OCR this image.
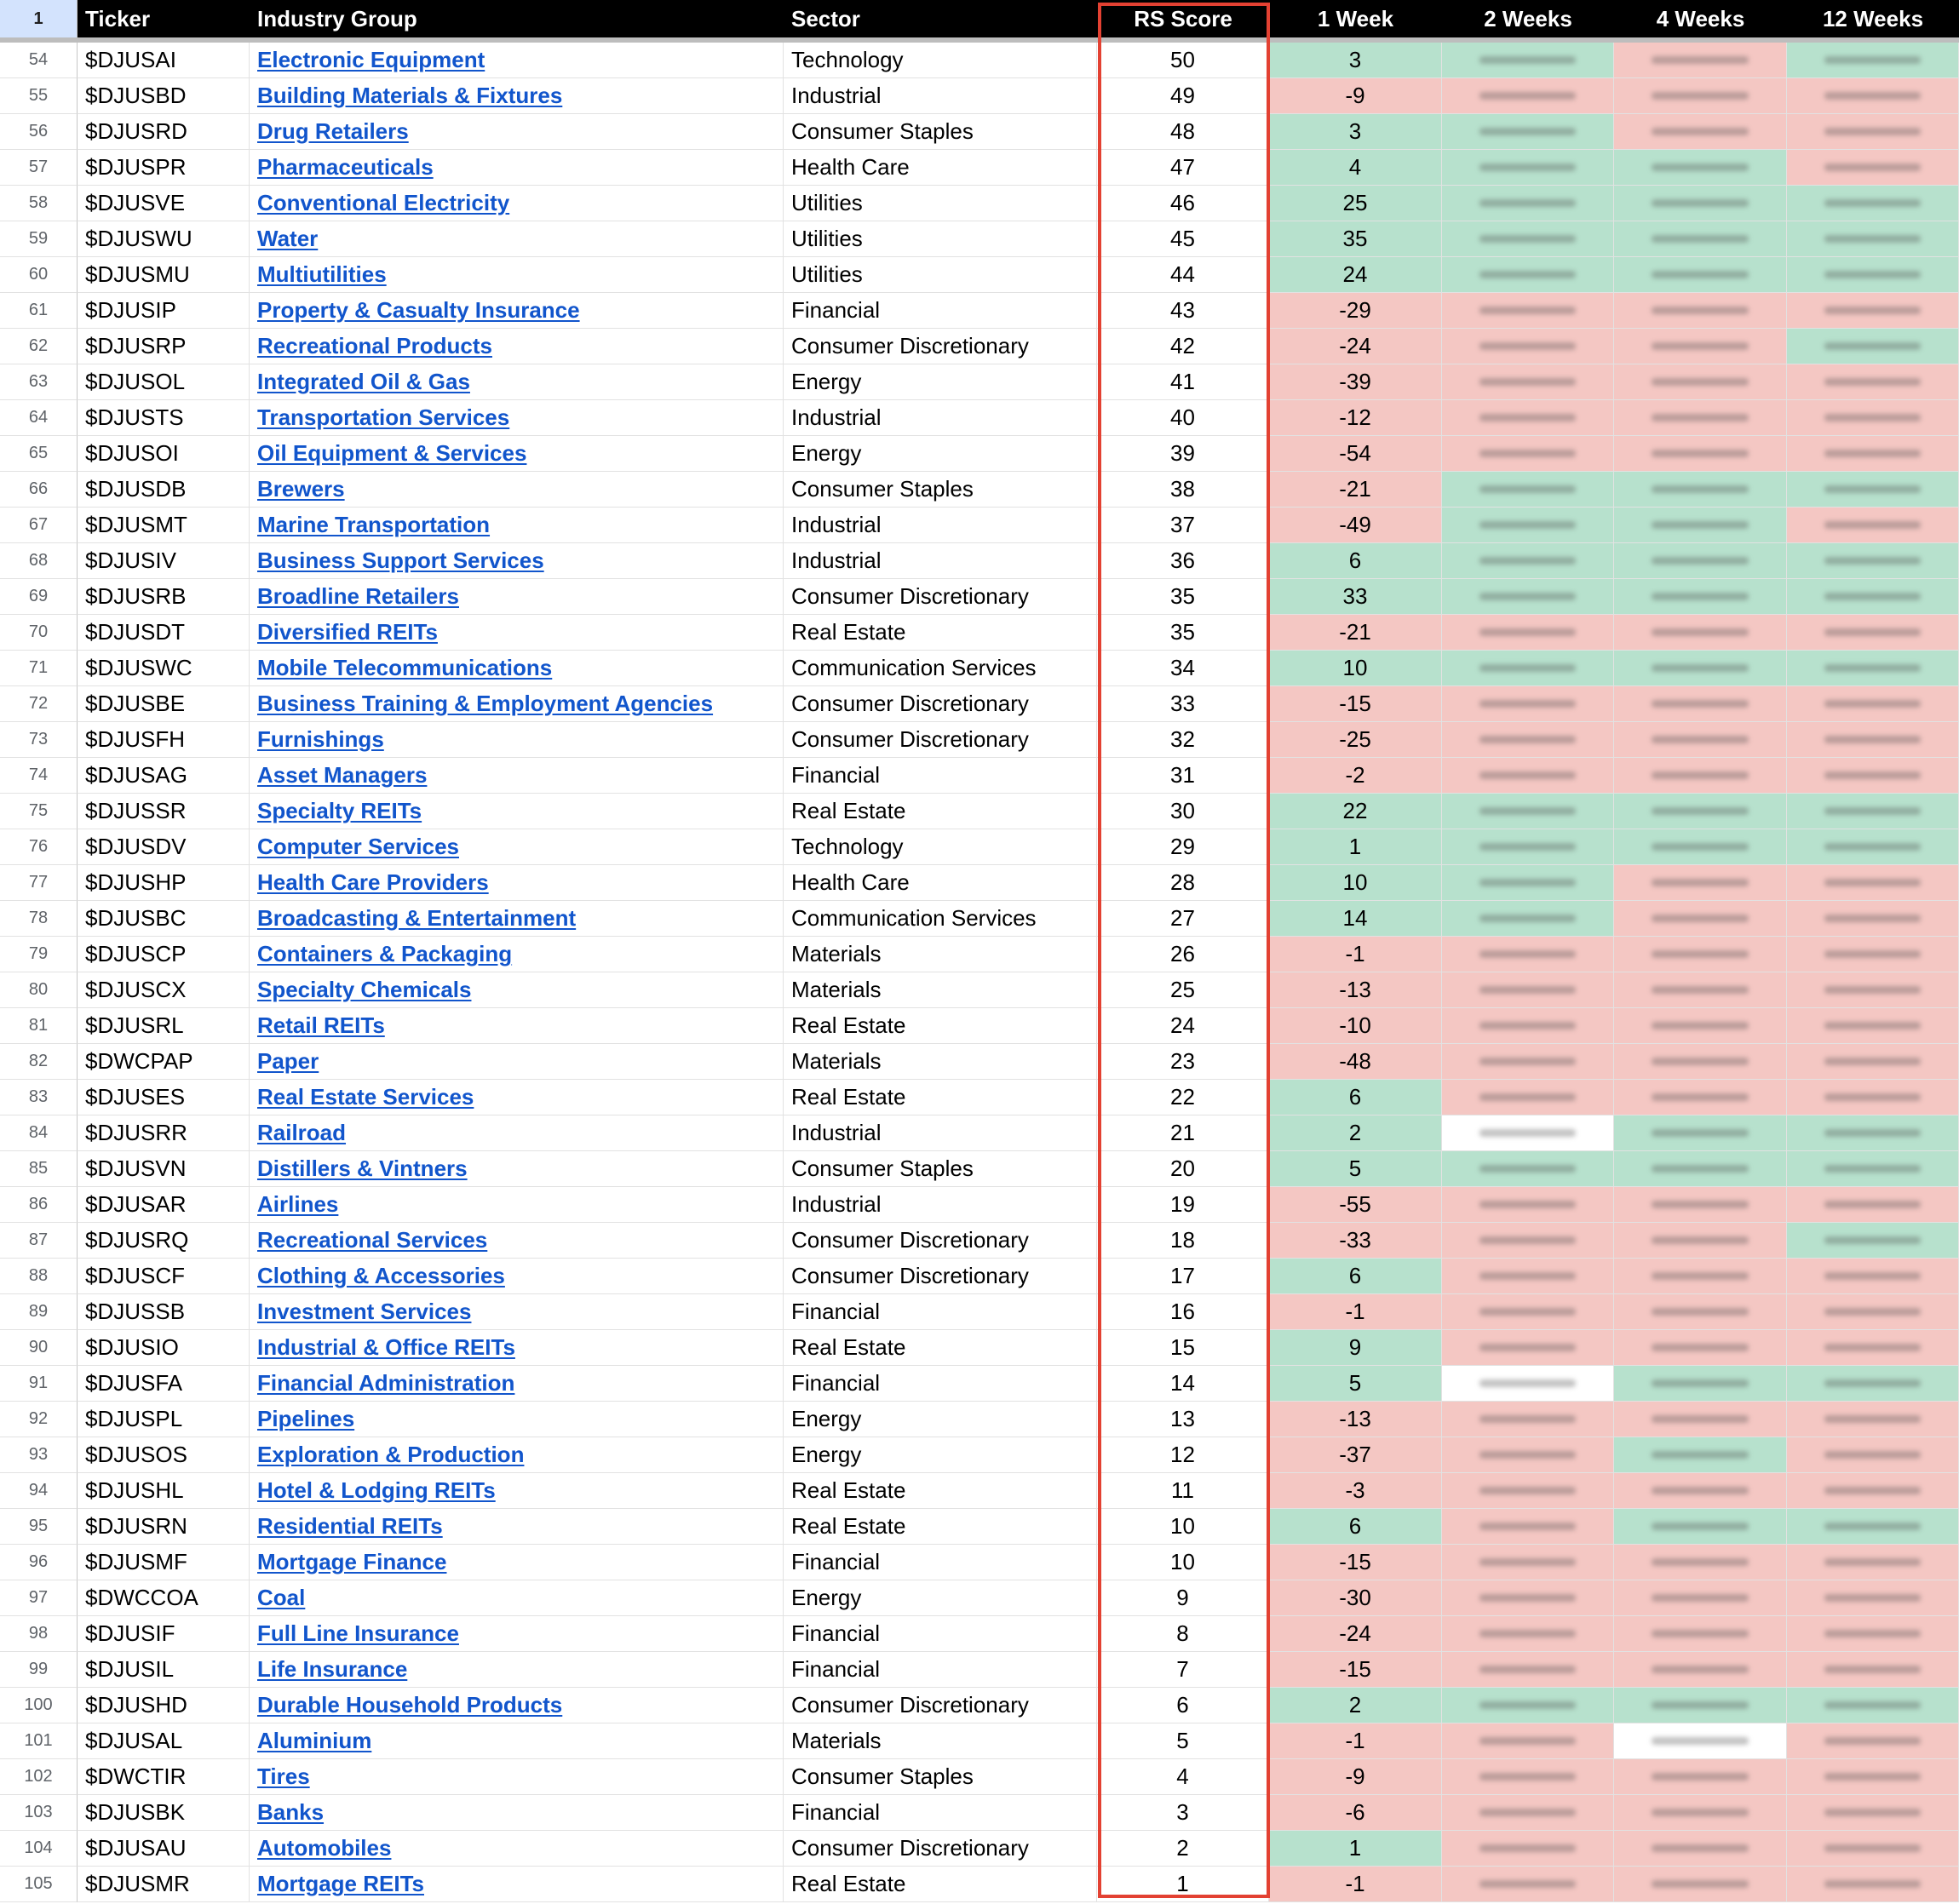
1	Ticker	Industry Group	Sector	RS Score	1 Week	2 Weeks	4 Weeks	12 Weeks
54	$DJUSAI	Electronic Equipment	Technology	50	3
55	$DJUSBD	Building Materials & Fixtures	Industrial	49	-9
56	$DJUSRD	Drug Retailers	Consumer Staples	48	3
57	$DJUSPR	Pharmaceuticals	Health Care	47	4
58	$DJUSVE	Conventional Electricity	Utilities	46	25
59	$DJUSWU	Water	Utilities	45	35
60	$DJUSMU	Multiutilities	Utilities	44	24
61	$DJUSIP	Property & Casualty Insurance	Financial	43	-29
62	$DJUSRP	Recreational Products	Consumer Discretionary	42	-24
63	$DJUSOL	Integrated Oil & Gas	Energy	41	-39
64	$DJUSTS	Transportation Services	Industrial	40	-12
65	$DJUSOI	Oil Equipment & Services	Energy	39	-54
66	$DJUSDB	Brewers	Consumer Staples	38	-21
67	$DJUSMT	Marine Transportation	Industrial	37	-49
68	$DJUSIV	Business Support Services	Industrial	36	6
69	$DJUSRB	Broadline Retailers	Consumer Discretionary	35	33
70	$DJUSDT	Diversified REITs	Real Estate	35	-21
71	$DJUSWC	Mobile Telecommunications	Communication Services	34	10
72	$DJUSBE	Business Training & Employment Agencies	Consumer Discretionary	33	-15
73	$DJUSFH	Furnishings	Consumer Discretionary	32	-25
74	$DJUSAG	Asset Managers	Financial	31	-2
75	$DJUSSR	Specialty REITs	Real Estate	30	22
76	$DJUSDV	Computer Services	Technology	29	1
77	$DJUSHP	Health Care Providers	Health Care	28	10
78	$DJUSBC	Broadcasting & Entertainment	Communication Services	27	14
79	$DJUSCP	Containers & Packaging	Materials	26	-1
80	$DJUSCX	Specialty Chemicals	Materials	25	-13
81	$DJUSRL	Retail REITs	Real Estate	24	-10
82	$DWCPAP	Paper	Materials	23	-48
83	$DJUSES	Real Estate Services	Real Estate	22	6
84	$DJUSRR	Railroad	Industrial	21	2
85	$DJUSVN	Distillers & Vintners	Consumer Staples	20	5
86	$DJUSAR	Airlines	Industrial	19	-55
87	$DJUSRQ	Recreational Services	Consumer Discretionary	18	-33
88	$DJUSCF	Clothing & Accessories	Consumer Discretionary	17	6
89	$DJUSSB	Investment Services	Financial	16	-1
90	$DJUSIO	Industrial & Office REITs	Real Estate	15	9
91	$DJUSFA	Financial Administration	Financial	14	5
92	$DJUSPL	Pipelines	Energy	13	-13
93	$DJUSOS	Exploration & Production	Energy	12	-37
94	$DJUSHL	Hotel & Lodging REITs	Real Estate	11	-3
95	$DJUSRN	Residential REITs	Real Estate	10	6
96	$DJUSMF	Mortgage Finance	Financial	10	-15
97	$DWCCOA	Coal	Energy	9	-30
98	$DJUSIF	Full Line Insurance	Financial	8	-24
99	$DJUSIL	Life Insurance	Financial	7	-15
100	$DJUSHD	Durable Household Products	Consumer Discretionary	6	2
101	$DJUSAL	Aluminium	Materials	5	-1
102	$DWCTIR	Tires	Consumer Staples	4	-9
103	$DJUSBK	Banks	Financial	3	-6
104	$DJUSAU	Automobiles	Consumer Discretionary	2	1
105	$DJUSMR	Mortgage REITs	Real Estate	1	-1
